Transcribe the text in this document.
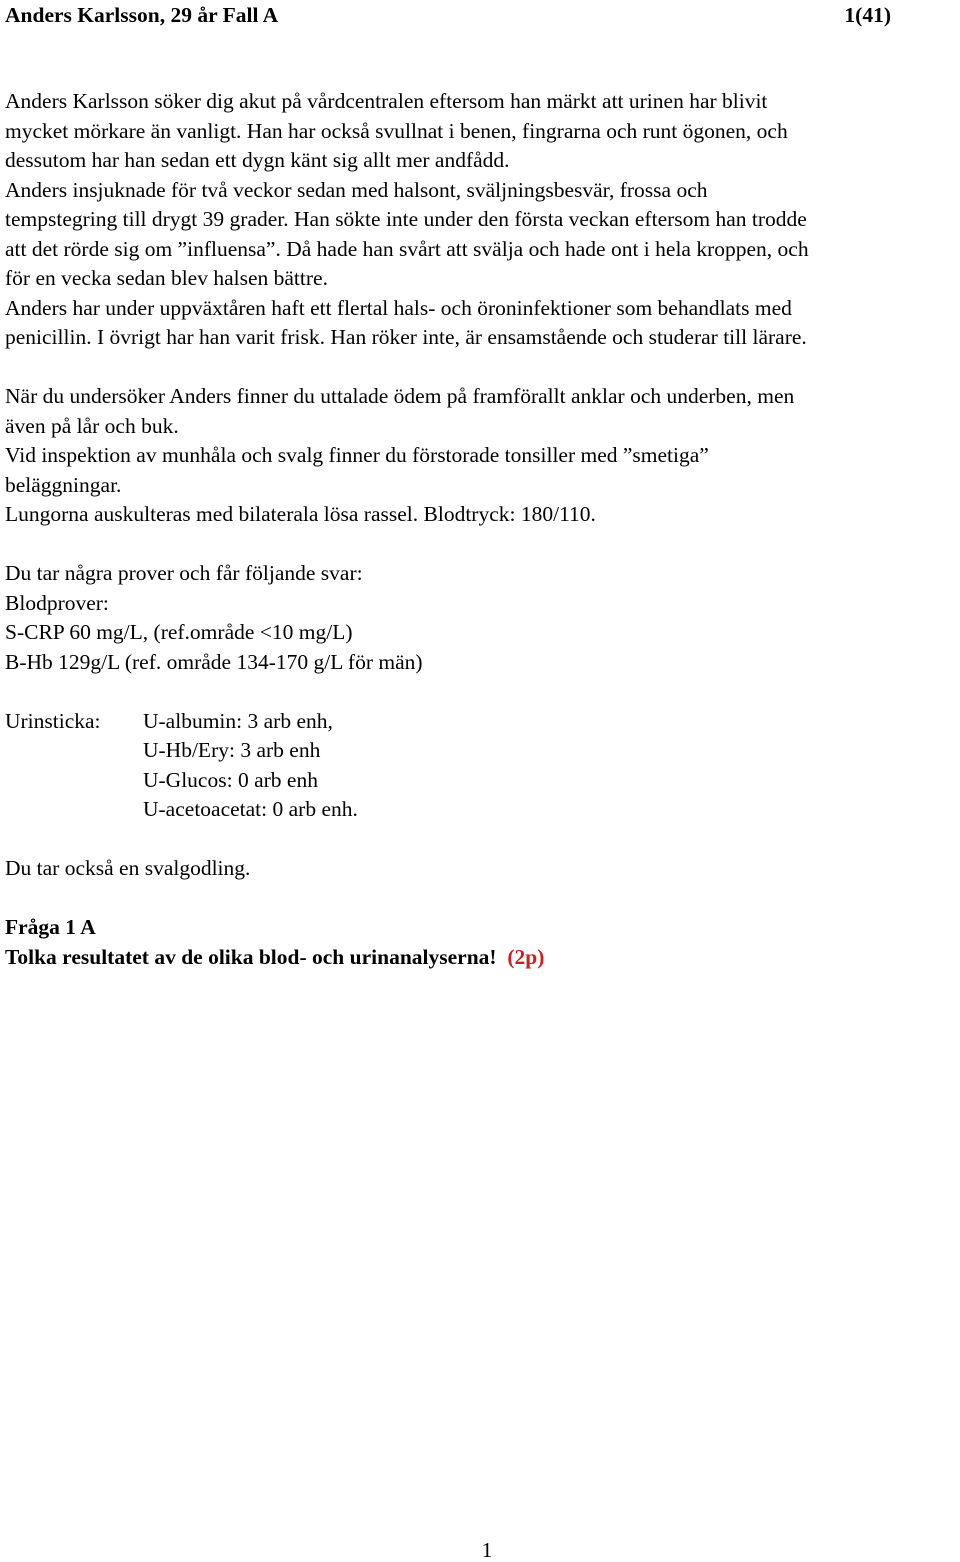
Anders Karlsson, 29 år Fall A	1(41)

Anders Karlsson söker dig akut på vårdcentralen eftersom han märkt att urinen har blivit

mycket mörkare än vanligt. Han har också svullnat i benen, fingrarna och runt ögonen, och

dessutom har han sedan ett dygn känt sig allt mer andfådd.

Anders insjuknade för två veckor sedan med halsont, sväljningsbesvär, frossa och

tempstegring till drygt 39 grader. Han sökte inte under den första veckan eftersom han trodde

att det rörde sig om ”influensa”. Då hade han svårt att svälja och hade ont i hela kroppen, och

för en vecka sedan blev halsen bättre.

Anders har under uppväxtåren haft ett flertal hals- och öroninfektioner som behandlats med

penicillin. I övrigt har han varit frisk. Han röker inte, är ensamstående och studerar till lärare.

När du undersöker Anders finner du uttalade ödem på framförallt anklar och underben, men

även på lår och buk.

Vid inspektion av munhåla och svalg finner du förstorade tonsiller med ”smetiga”

beläggningar.

Lungorna auskulteras med bilaterala lösa rassel. Blodtryck: 180/110.

Du tar några prover och får följande svar:

Blodprover:

S-CRP 60 mg/L, (ref.område <10 mg/L)

B-Hb 129g/L (ref. område 134-170 g/L för män)

Urinsticka: U-albumin: 3 arb enh,
U-Hb/Ery: 3 arb enh
U-Glucos: 0 arb enh
U-acetoacetat: 0 arb enh.

Du tar också en svalgodling.

Fråga 1 A

Tolka resultatet av de olika blod- och urinanalyserna! (2p)

1
